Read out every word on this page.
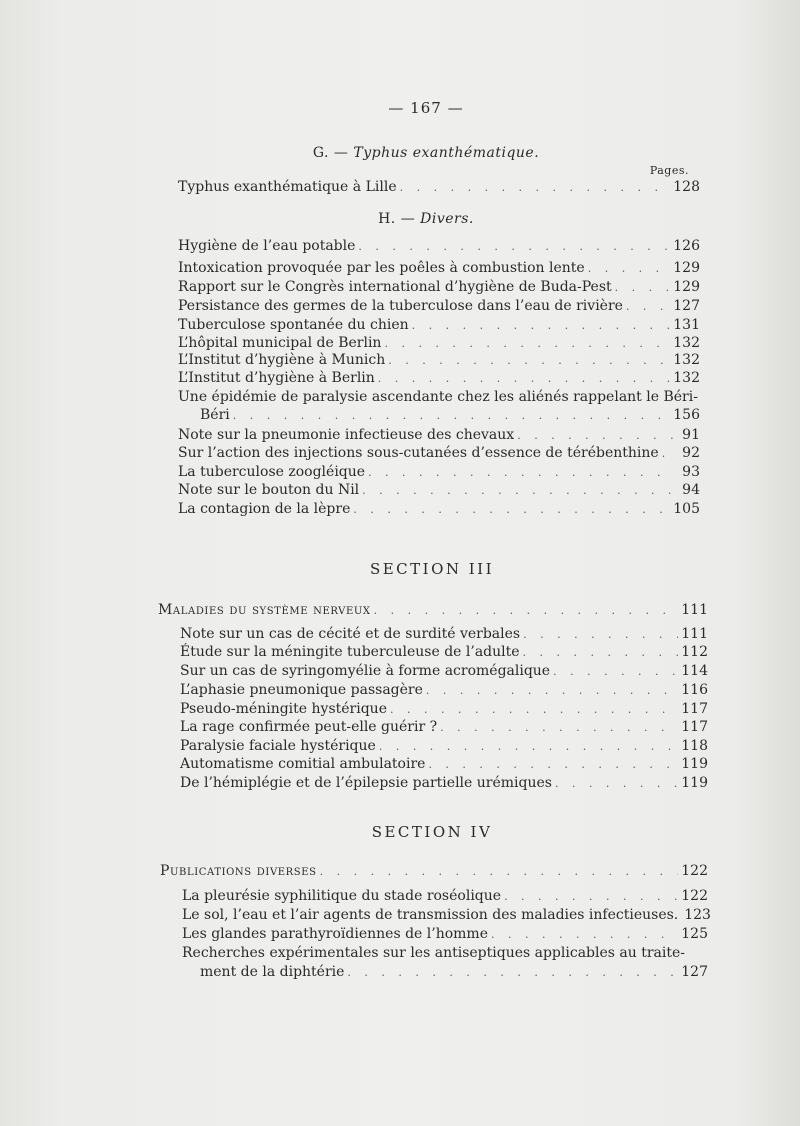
— 167 —
G. — Typhus exanthématique.
Pages.
H. — Divers.
SECTION III
SECTION IV
Typhus exanthématique à Lille . . .	128
Hygiène de l’eau potable . . .	126
Intoxication provoquée par les poêles à combustion lente . . .	129
Rapport sur le Congrès international d’hygiène de Buda-Pest . . .	129
Persistance des germes de la tuberculose dans l’eau de rivière . . .	127
Tuberculose spontanée du chien . . .	131
L’hôpital municipal de Berlin . . .	132
L’Institut d’hygiène à Munich . . .	132
L’Institut d’hygiène à Berlin . . .	132
Une épidémie de paralysie ascendante chez les aliénés rappelant le Béri-
Béri . . .	156
Note sur la pneumonie infectieuse des chevaux . . .	91
Sur l’action des injections sous-cutanées d’essence de térébenthine . . .	92
La tuberculose zoogléique . . .	93
Note sur le bouton du Nil . . .	94
La contagion de la lèpre . . .	105
Maladies du système nerveux . . .	111
Note sur un cas de cécité et de surdité verbales . . .	111
Étude sur la méningite tuberculeuse de l’adulte . . .	112
Sur un cas de syringomyélie à forme acromégalique . . .	114
L’aphasie pneumonique passagère . . .	116
Pseudo-méningite hystérique . . .	117
La rage confirmée peut-elle guérir ? . . .	117
Paralysie faciale hystérique . . .	118
Automatisme comitial ambulatoire . . .	119
De l’hémiplégie et de l’épilepsie partielle urémiques . . .	119
Publications diverses . . .	122
La pleurésie syphilitique du stade roséolique . . .	122
Le sol, l’eau et l’air agents de transmission des maladies infectieuses. 123
Les glandes parathyroïdiennes de l’homme . . .	125
Recherches expérimentales sur les antiseptiques applicables au traite-
ment de la diphtérie . . .	127
